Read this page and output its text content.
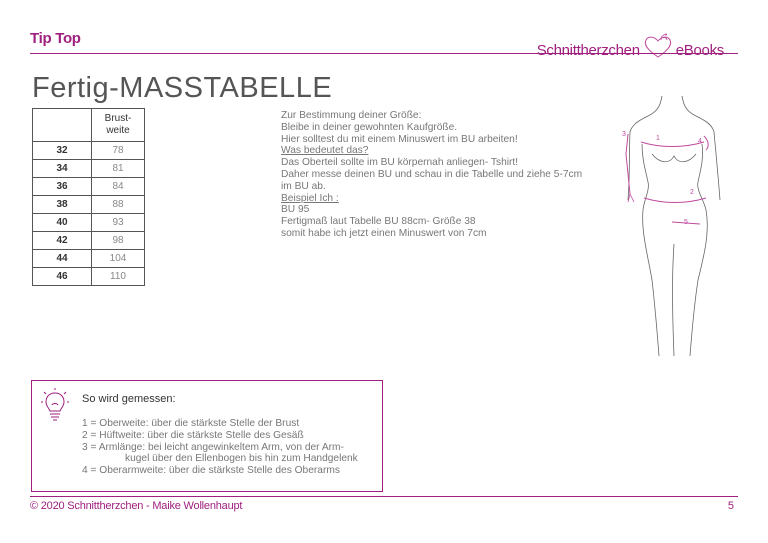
Tip Top
Schnittherzchen eBooks
Fertig-MASSTABELLE
	Brust-
weite
32	78
34	81
36	84
38	88
40	93
42	98
44	104
46	110
Zur Bestimmung deiner Größe:
Bleibe in deiner gewohnten Kaufgröße.
Hier solltest du mit einem Minuswert im BU arbeiten!
Was bedeutet das?
Das Oberteil sollte im BU körpernah anliegen- Tshirt!
Daher messe deinen BU und schau in die Tabelle und ziehe 5-7cm
im BU ab.
Beispiel Ich :
BU 95
Fertigmaß laut Tabelle BU 88cm- Größe 38
somit habe ich jetzt einen Minuswert von 7cm
1
2
3
4
5
So wird gemessen:
1 = Oberweite: über die stärkste Stelle der Brust
2 = Hüftweite: über die stärkste Stelle des Gesäß
3 = Armlänge: bei leicht angewinkeltem Arm, von der Arm-
kugel über den Ellenbogen bis hin zum Handgelenk
4 = Oberarmweite: über die stärkste Stelle des Oberarms
© 2020 Schnittherzchen - Maike Wollenhaupt	5
